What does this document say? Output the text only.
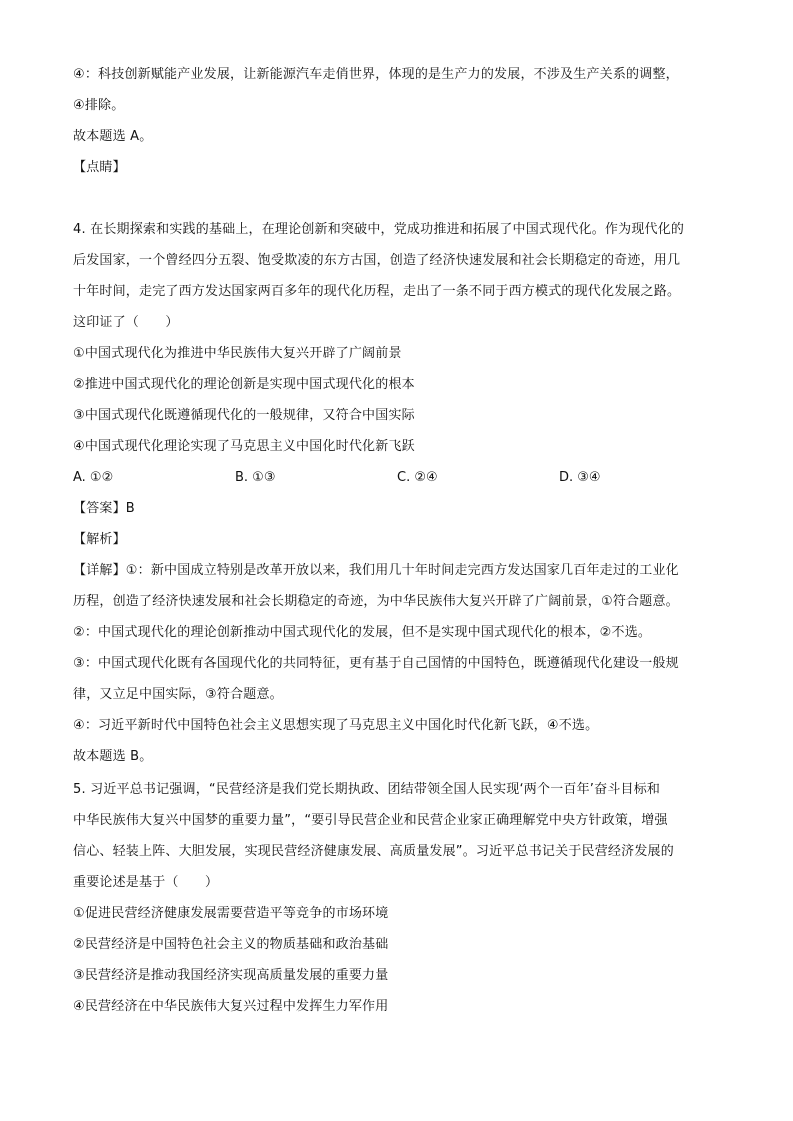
④：科技创新赋能产业发展，让新能源汽车走俏世界，体现的是生产力的发展，不涉及生产关系的调整，
④排除。
故本题选 A。
【点睛】
4. 在长期探索和实践的基础上，在理论创新和突破中，党成功推进和拓展了中国式现代化。作为现代化的
后发国家，一个曾经四分五裂、饱受欺凌的东方古国，创造了经济快速发展和社会长期稳定的奇迹，用几
十年时间，走完了西方发达国家两百多年的现代化历程，走出了一条不同于西方模式的现代化发展之路。
这印证了（　　）
①中国式现代化为推进中华民族伟大复兴开辟了广阔前景
②推进中国式现代化的理论创新是实现中国式现代化的根本
③中国式现代化既遵循现代化的一般规律，又符合中国实际
④中国式现代化理论实现了马克思主义中国化时代化新飞跃
A. ①②	B. ①③	C. ②④	D. ③④
【答案】B
【解析】
【详解】①：新中国成立特别是改革开放以来，我们用几十年时间走完西方发达国家几百年走过的工业化
历程，创造了经济快速发展和社会长期稳定的奇迹，为中华民族伟大复兴开辟了广阔前景，①符合题意。
②：中国式现代化的理论创新推动中国式现代化的发展，但不是实现中国式现代化的根本，②不选。
③：中国式现代化既有各国现代化的共同特征，更有基于自己国情的中国特色，既遵循现代化建设一般规
律，又立足中国实际，③符合题意。
④：习近平新时代中国特色社会主义思想实现了马克思主义中国化时代化新飞跃，④不选。
故本题选 B。
5. 习近平总书记强调，“民营经济是我们党长期执政、团结带领全国人民实现‘两个一百年’奋斗目标和
中华民族伟大复兴中国梦的重要力量”，“要引导民营企业和民营企业家正确理解党中央方针政策，增强
信心、轻装上阵、大胆发展，实现民营经济健康发展、高质量发展”。习近平总书记关于民营经济发展的
重要论述是基于（　　）
①促进民营经济健康发展需要营造平等竞争的市场环境
②民营经济是中国特色社会主义的物质基础和政治基础
③民营经济是推动我国经济实现高质量发展的重要力量
④民营经济在中华民族伟大复兴过程中发挥生力军作用
